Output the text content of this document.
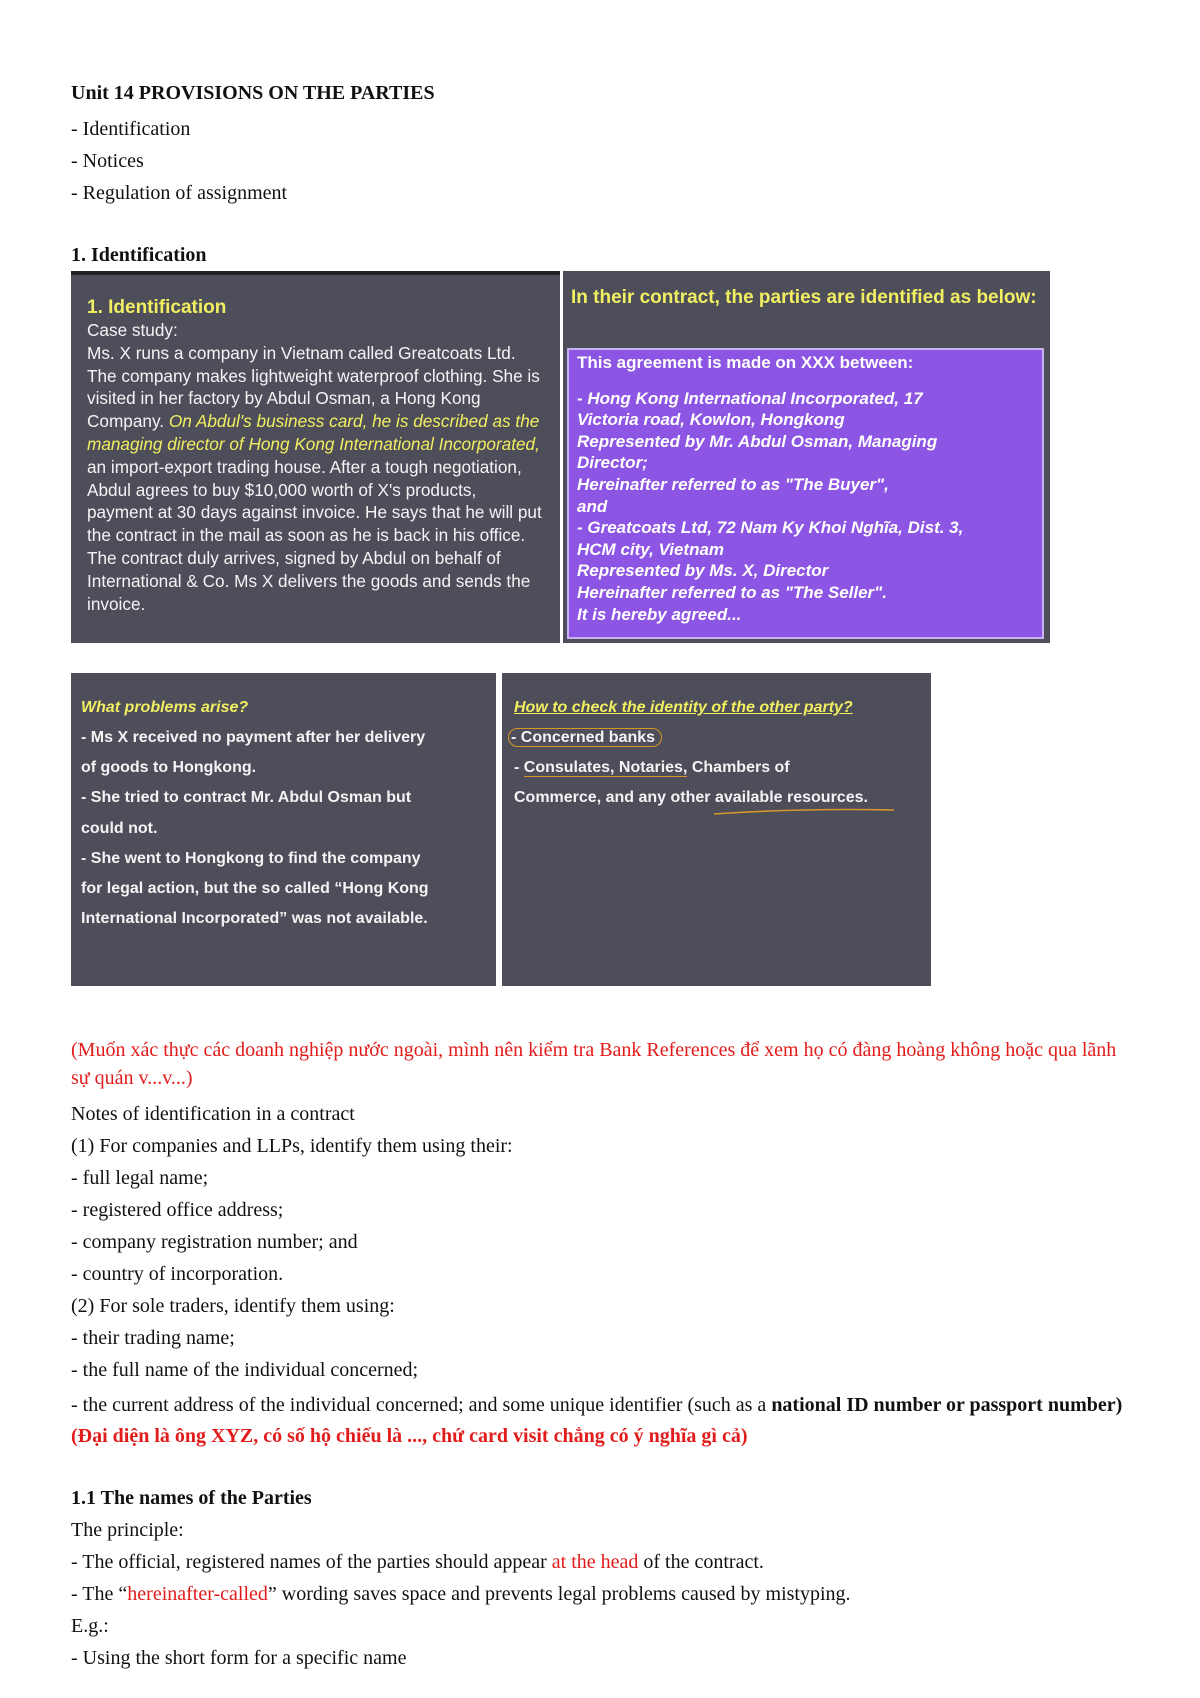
Unit 14 PROVISIONS ON THE PARTIES
- Identification
- Notices
- Regulation of assignment
1. Identification
1. Identification
Case study:
Ms. X runs a company in Vietnam called Greatcoats Ltd. The company makes lightweight waterproof clothing. She is visited in her factory by Abdul Osman, a Hong Kong Company. On Abdul's business card, he is described as the managing director of Hong Kong International Incorporated, an import-export trading house. After a tough negotiation, Abdul agrees to buy $10,000 worth of X's products, payment at 30 days against invoice. He says that he will put the contract in the mail as soon as he is back in his office. The contract duly arrives, signed by Abdul on behalf of International & Co. Ms X delivers the goods and sends the invoice.
In their contract, the parties are identified as below:
This agreement is made on XXX between:
- Hong Kong International Incorporated, 17
Victoria road, Kowlon, Hongkong
Represented by Mr. Abdul Osman, Managing
Director;
Hereinafter referred to as "The Buyer",
and
- Greatcoats Ltd, 72 Nam Ky Khoi Nghĩa, Dist. 3,
HCM city, Vietnam
Represented by Ms. X, Director
Hereinafter referred to as "The Seller".
It is hereby agreed...
What problems arise?
- Ms X received no payment after her delivery
of goods to Hongkong.
- She tried to contract Mr. Abdul Osman but
could not.
- She went to Hongkong to find the company
for legal action, but the so called “Hong Kong
International Incorporated” was not available.
How to check the identity of the other party?
- Concerned banks
- Consulates, Notaries, Chambers of
Commerce, and any other available resources.
(Muốn xác thực các doanh nghiệp nước ngoài, mình nên kiểm tra Bank References để xem họ có đàng hoàng không hoặc qua lãnh sự quán v...v...)
Notes of identification in a contract
(1) For companies and LLPs, identify them using their:
- full legal name;
- registered office address;
- company registration number; and
- country of incorporation.
(2) For sole traders, identify them using:
- their trading name;
- the full name of the individual concerned;
- the current address of the individual concerned; and some unique identifier (such as a national ID number or passport number) (Đại diện là ông XYZ, có số hộ chiếu là ..., chứ card visit chẳng có ý nghĩa gì cả)
1.1 The names of the Parties
The principle:
- The official, registered names of the parties should appear at the head of the contract.
- The “hereinafter-called” wording saves space and prevents legal problems caused by mistyping.
E.g.:
- Using the short form for a specific name
